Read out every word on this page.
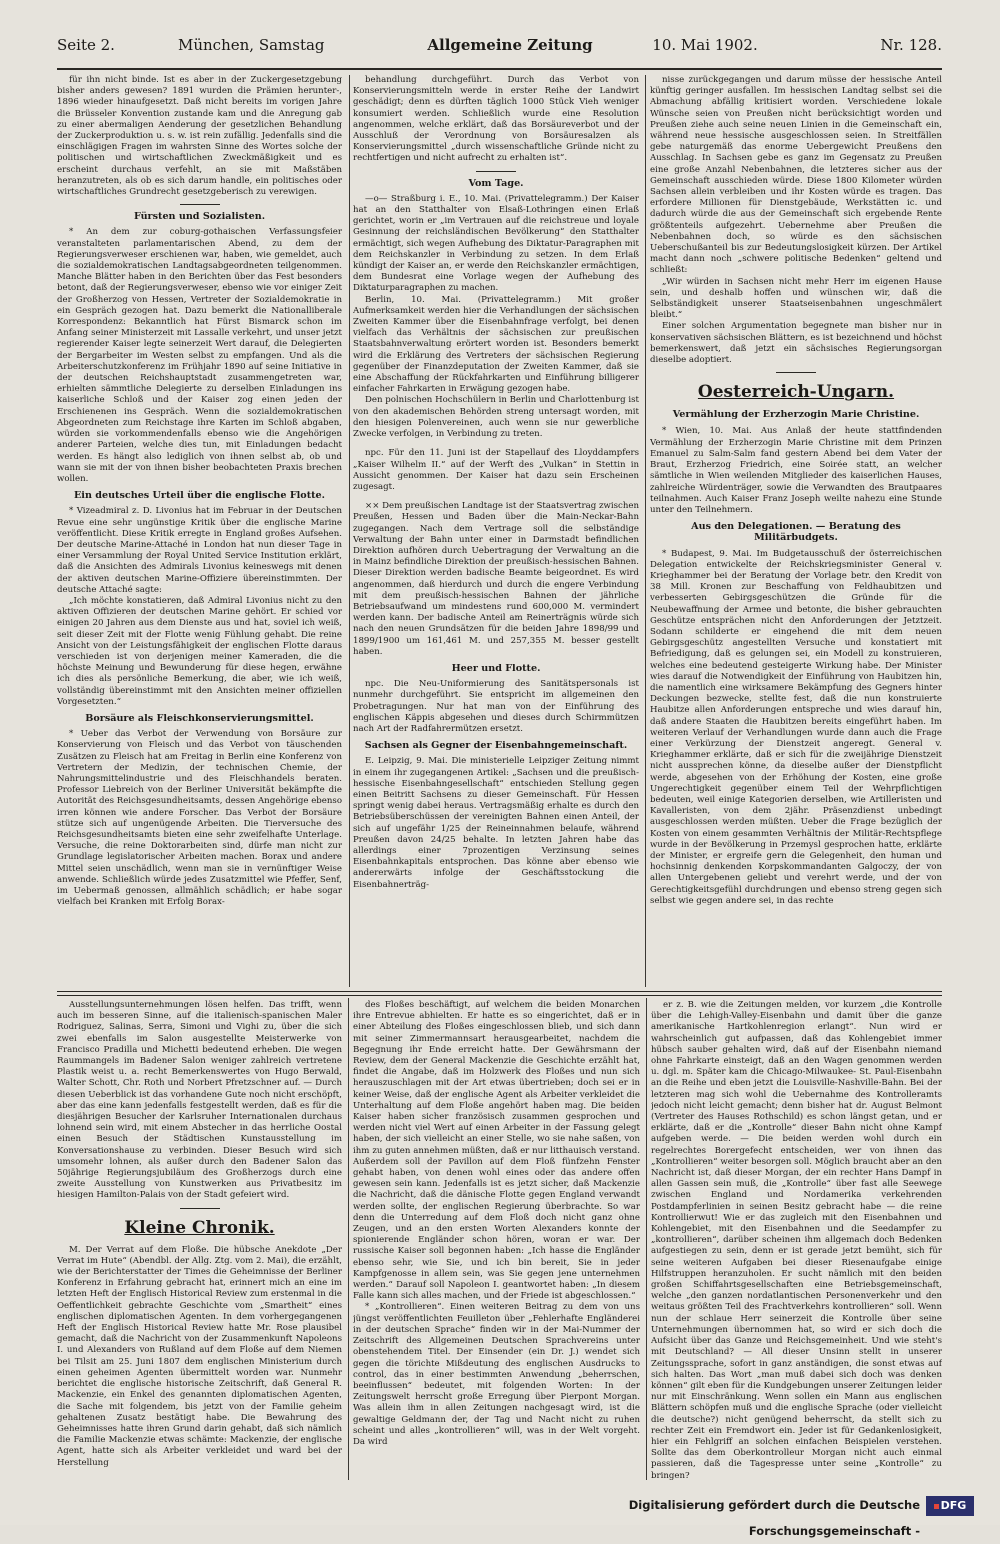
Seite 2.	München, Samstag	Allgemeine Zeitung	10. Mai 1902.	Nr. 128.

für ihn nicht binde. Ist es aber in der Zuckergesetzgebung bisher anders gewesen? 1891 wurden die Prämien herunter-, 1896 wieder hinaufgesetzt. Daß nicht bereits im vorigen Jahre die Brüsseler Konvention zustande kam und die Anregung gab zu einer abermaligen Aenderung der gesetzlichen Behandlung der Zuckerproduktion u. s. w. ist rein zufällig. Jedenfalls sind die einschlägigen Fragen im wahrsten Sinne des Wortes solche der politischen und wirtschaftlichen Zweckmäßigkeit und es erscheint durchaus verfehlt, an sie mit Maßstäben heranzutreten, als ob es sich darum handle, ein politisches oder wirtschaftliches Grundrecht gesetzgeberisch zu verewigen.

Fürsten und Sozialisten.

* An dem zur coburg-gothaischen Verfassungsfeier veranstalteten parlamentarischen Abend, zu dem der Regierungsverweser erschienen war, haben, wie gemeldet, auch die sozialdemokratischen Landtagsabgeordneten teilgenommen. Manche Blätter haben in den Berichten über das Fest besonders betont, daß der Regierungsverweser, ebenso wie vor einiger Zeit der Großherzog von Hessen, Vertreter der Sozialdemokratie in ein Gespräch gezogen hat. Dazu bemerkt die Nationalliberale Korrespondenz: Bekanntlich hat Fürst Bismarck schon im Anfang seiner Ministerzeit mit Lassalle verkehrt, und unser jetzt regierender Kaiser legte seinerzeit Wert darauf, die Delegierten der Bergarbeiter im Westen selbst zu empfangen. Und als die Arbeiterschutzkonferenz im Frühjahr 1890 auf seine Initiative in der deutschen Reichshauptstadt zusammengetreten war, erhielten sämmtliche Delegierte zu derselben Einladungen ins kaiserliche Schloß und der Kaiser zog einen jeden der Erschienenen ins Gespräch. Wenn die sozialdemokratischen Abgeordneten zum Reichstage ihre Karten im Schloß abgaben, würden sie vorkommendenfalls ebenso wie die Angehörigen anderer Parteien, welche dies tun, mit Einladungen bedacht werden. Es hängt also lediglich von ihnen selbst ab, ob und wann sie mit der von ihnen bisher beobachteten Praxis brechen wollen.

Ein deutsches Urteil über die englische Flotte.

* Vizeadmiral z. D. Livonius hat im Februar in der Deutschen Revue eine sehr ungünstige Kritik über die englische Marine veröffentlicht. Diese Kritik erregte in England großes Aufsehen. Der deutsche Marine-Attaché in London hat nun dieser Tage in einer Versammlung der Royal United Service Institution erklärt, daß die Ansichten des Admirals Livonius keineswegs mit denen der aktiven deutschen Marine-Offiziere übereinstimmten. Der deutsche Attaché sagte:

„Ich möchte konstatieren, daß Admiral Livonius nicht zu den aktiven Offizieren der deutschen Marine gehört. Er schied vor einigen 20 Jahren aus dem Dienste aus und hat, soviel ich weiß, seit dieser Zeit mit der Flotte wenig Fühlung gehabt. Die reine Ansicht von der Leistungsfähigkeit der englischen Flotte daraus verschieden ist von derjenigen meiner Kameraden, die die höchste Meinung und Bewunderung für diese hegen, erwähne ich dies als persönliche Bemerkung, die aber, wie ich weiß, vollständig übereinstimmt mit den Ansichten meiner offiziellen Vorgesetzten.“

Borsäure als Fleischkonservierungsmittel.

* Ueber das Verbot der Verwendung von Borsäure zur Konservierung von Fleisch und das Verbot von täuschenden Zusätzen zu Fleisch hat am Freitag in Berlin eine Konferenz von Vertretern der Medizin, der technischen Chemie, der Nahrungsmittelindustrie und des Fleischhandels beraten. Professor Liebreich von der Berliner Universität bekämpfte die Autorität des Reichsgesundheitsamts, dessen Angehörige ebenso irren können wie andere Forscher. Das Verbot der Borsäure stütze sich auf ungenügende Arbeiten. Die Tierversuche des Reichsgesundheitsamts bieten eine sehr zweifelhafte Unterlage. Versuche, die reine Doktorarbeiten sind, dürfe man nicht zur Grundlage legislatorischer Arbeiten machen. Borax und andere Mittel seien unschädlich, wenn man sie in vernünftiger Weise anwende. Schließlich würde jedes Zusatzmittel wie Pfeffer, Senf, im Uebermaß genossen, allmählich schädlich; er habe sogar vielfach bei Kranken mit Erfolg Borax-

behandlung durchgeführt. Durch das Verbot von Konservierungsmitteln werde in erster Reihe der Landwirt geschädigt; denn es dürften täglich 1000 Stück Vieh weniger konsumiert werden. Schließlich wurde eine Resolution angenommen, welche erklärt, daß das Borsäureverbot und der Ausschluß der Verordnung von Borsäuresalzen als Konservierungsmittel „durch wissenschaftliche Gründe nicht zu rechtfertigen und nicht aufrecht zu erhalten ist“.

Vom Tage.

—o— Straßburg i. E., 10. Mai. (Privattelegramm.) Der Kaiser hat an den Statthalter von Elsaß-Lothringen einen Erlaß gerichtet, worin er „im Vertrauen auf die reichstreue und loyale Gesinnung der reichsländischen Bevölkerung“ den Statthalter ermächtigt, sich wegen Aufhebung des Diktatur-Paragraphen mit dem Reichskanzler in Verbindung zu setzen. In dem Erlaß kündigt der Kaiser an, er werde den Reichskanzler ermächtigen, dem Bundesrat eine Vorlage wegen der Aufhebung des Diktaturparagraphen zu machen.

Berlin, 10. Mai. (Privattelegramm.) Mit großer Aufmerksamkeit werden hier die Verhandlungen der sächsischen Zweiten Kammer über die Eisenbahnfrage verfolgt, bei denen vielfach das Verhältnis der sächsischen zur preußischen Staatsbahnverwaltung erörtert worden ist. Besonders bemerkt wird die Erklärung des Vertreters der sächsischen Regierung gegenüber der Finanzdeputation der Zweiten Kammer, daß sie eine Abschaffung der Rückfahrkarten und Einführung billigerer einfacher Fahrkarten in Erwägung gezogen habe.

Den polnischen Hochschülern in Berlin und Charlottenburg ist von den akademischen Behörden streng untersagt worden, mit den hiesigen Polenvereinen, auch wenn sie nur gewerbliche Zwecke verfolgen, in Verbindung zu treten.

npc. Für den 11. Juni ist der Stapellauf des Lloyddampfers „Kaiser Wilhelm II.“ auf der Werft des „Vulkan“ in Stettin in Aussicht genommen. Der Kaiser hat dazu sein Erscheinen zugesagt.

×× Dem preußischen Landtage ist der Staatsvertrag zwischen Preußen, Hessen und Baden über die Main-Neckar-Bahn zugegangen. Nach dem Vertrage soll die selbständige Verwaltung der Bahn unter einer in Darmstadt befindlichen Direktion aufhören durch Uebertragung der Verwaltung an die in Mainz befindliche Direktion der preußisch-hessischen Bahnen. Dieser Direktion werden badische Beamte beigeordnet. Es wird angenommen, daß hierdurch und durch die engere Verbindung mit dem preußisch-hessischen Bahnen der jährliche Betriebsaufwand um mindestens rund 600,000 M. vermindert werden kann. Der badische Anteil am Reinerträgnis würde sich nach den neuen Grundsätzen für die beiden Jahre 1898/99 und 1899/1900 um 161,461 M. und 257,355 M. besser gestellt haben.

Heer und Flotte.

npc. Die Neu-Uniformierung des Sanitätspersonals ist nunmehr durchgeführt. Sie entspricht im allgemeinen den Probetragungen. Nur hat man von der Einführung des englischen Käppis abgesehen und dieses durch Schirmmützen nach Art der Radfahrermützen ersetzt.

Sachsen als Gegner der Eisenbahngemeinschaft.

E. Leipzig, 9. Mai. Die ministerielle Leipziger Zeitung nimmt in einem ihr zugegangenen Artikel: „Sachsen und die preußisch-hessische Eisenbahngesellschaft“ entschieden Stellung gegen einen Beitritt Sachsens zu dieser Gemeinschaft. Für Hessen springt wenig dabei heraus. Vertragsmäßig erhalte es durch den Betriebsüberschüssen der vereinigten Bahnen einen Anteil, der sich auf ungefähr 1/25 der Reineinnahmen belaufe, während Preußen davon 24/25 behalte. In letzten Jahren habe das allerdings einer 7prozentigen Verzinsung seines Eisenbahnkapitals entsprochen. Das könne aber ebenso wie andererwärts infolge der Geschäftsstockung die Eisenbahnerträg-

nisse zurückgegangen und darum müsse der hessische Anteil künftig geringer ausfallen. Im hessischen Landtag selbst sei die Abmachung abfällig kritisiert worden. Verschiedene lokale Wünsche seien von Preußen nicht berücksichtigt worden und Preußen ziehe auch seine neuen Linien in die Gemeinschaft ein, während neue hessische ausgeschlossen seien. In Streitfällen gebe naturgemäß das enorme Uebergewicht Preußens den Ausschlag. In Sachsen gebe es ganz im Gegensatz zu Preußen eine große Anzahl Nebenbahnen, die letzteres sicher aus der Gemeinschaft ausschieden würde. Diese 1800 Kilometer würden Sachsen allein verbleiben und ihr Kosten würde es tragen. Das erfordere Millionen für Dienstgebäude, Werkstätten ic. und dadurch würde die aus der Gemeinschaft sich ergebende Rente größtenteils aufgezehrt. Uebernehme aber Preußen die Nebenbahnen doch, so würde es den sächsischen Ueberschußanteil bis zur Bedeutungslosigkeit kürzen. Der Artikel macht dann noch „schwere politische Bedenken“ geltend und schließt:

„Wir würden in Sachsen nicht mehr Herr im eigenen Hause sein, und deshalb hoffen und wünschen wir, daß die Selbständigkeit unserer Staatseisenbahnen ungeschmälert bleibt.“

Einer solchen Argumentation begegnete man bisher nur in konservativen sächsischen Blättern, es ist bezeichnend und höchst bemerkenswert, daß jetzt ein sächsisches Regierungsorgan dieselbe adoptiert.

Oesterreich-Ungarn.
Vermählung der Erzherzogin Marie Christine.

* Wien, 10. Mai. Aus Anlaß der heute stattfindenden Vermählung der Erzherzogin Marie Christine mit dem Prinzen Emanuel zu Salm-Salm fand gestern Abend bei dem Vater der Braut, Erzherzog Friedrich, eine Soirée statt, an welcher sämtliche in Wien weilenden Mitglieder des kaiserlichen Hauses, zahlreiche Würdenträger, sowie die Verwandten des Brautpaares teilnahmen. Auch Kaiser Franz Joseph weilte nahezu eine Stunde unter den Teilnehmern.

Aus den Delegationen. — Beratung des Militärbudgets.

* Budapest, 9. Mai. Im Budgetausschuß der österreichischen Delegation entwickelte der Reichskriegsminister General v. Krieghammer bei der Beratung der Vorlage betr. den Kredit von 38 Mill. Kronen zur Beschaffung von Feldhaubitzen und verbesserten Gebirgsgeschützen die Gründe für die Neubewaffnung der Armee und betonte, die bisher gebrauchten Geschütze entsprächen nicht den Anforderungen der Jetztzeit. Sodann schilderte er eingehend die mit dem neuen Gebirgsgeschütz angestellten Versuche und konstatiert mit Befriedigung, daß es gelungen sei, ein Modell zu konstruieren, welches eine bedeutend gesteigerte Wirkung habe. Der Minister wies darauf die Notwendigkeit der Einführung von Haubitzen hin, die namentlich eine wirksamere Bekämpfung des Gegners hinter Deckungen bezwecke, stellte fest, daß die nun konstruierte Haubitze allen Anforderungen entspreche und wies darauf hin, daß andere Staaten die Haubitzen bereits eingeführt haben. Im weiteren Verlauf der Verhandlungen wurde dann auch die Frage einer Verkürzung der Dienstzeit angeregt. General v. Krieghammer erklärte, daß er sich für die zweijährige Dienstzeit nicht aussprechen könne, da dieselbe außer der Dienstpflicht werde, abgesehen von der Erhöhung der Kosten, eine große Ungerechtigkeit gegenüber einem Teil der Wehrpflichtigen bedeuten, weil einige Kategorien derselben, wie Artilleristen und Kavalleristen, von dem 2jähr. Präsenzdienst unbedingt ausgeschlossen werden müßten. Ueber die Frage bezüglich der Kosten von einem gesammten Verhältnis der Militär-Rechtspflege wurde in der Bevölkerung in Przemysl gesprochen hatte, erklärte der Minister, er ergreife gern die Gelegenheit, den human und hochsinnig denkenden Korpskommandanten Galgoczy, der von allen Untergebenen geliebt und verehrt werde, und der von Gerechtigkeitsgefühl durchdrungen und ebenso streng gegen sich selbst wie gegen andere sei, in das rechte

Ausstellungsunternehmungen lösen helfen. Das trifft, wenn auch im besseren Sinne, auf die italienisch-spanischen Maler Rodriguez, Salinas, Serra, Simoni und Vighi zu, über die sich zwei ebenfalls im Salon ausgestellte Meisterwerke von Francisco Pradilla und Michetti bedeutend erheben. Die wegen Raummangels im Badener Salon weniger zahlreich vertretene Plastik weist u. a. recht Bemerkenswertes von Hugo Berwald, Walter Schott, Chr. Roth und Norbert Pfretzschner auf. — Durch diesen Ueberblick ist das vorhandene Gute noch nicht erschöpft, aber das eine kann jedenfalls festgestellt werden, daß es für die diesjährigen Besucher der Karlsruher Internationalen durchaus lohnend sein wird, mit einem Abstecher in das herrliche Oostal einen Besuch der Städtischen Kunstausstellung im Konversationshause zu verbinden. Dieser Besuch wird sich umsomehr lohnen, als außer durch den Badener Salon das 50jährige Regierungsjubiläum des Großherzogs durch eine zweite Ausstellung von Kunstwerken aus Privatbesitz im hiesigen Hamilton-Palais von der Stadt gefeiert wird.

Kleine Chronik.

M. Der Verrat auf dem Floße. Die hübsche Anekdote „Der Verrat im Hute“ (Abendbl. der Allg. Ztg. vom 2. Mai), die erzählt, wie der Berichterstatter der Times die Geheimnisse der Berliner Konferenz in Erfahrung gebracht hat, erinnert mich an eine im letzten Heft der Englisch Historical Review zum erstenmal in die Oeffentlichkeit gebrachte Geschichte vom „Smartheit“ eines englischen diplomatischen Agenten. In dem vorhergegangenen Heft der Englisch Historical Review hatte Mr. Rose plausibel gemacht, daß die Nachricht von der Zusammenkunft Napoleons I. und Alexanders von Rußland auf dem Floße auf dem Niemen bei Tilsit am 25. Juni 1807 dem englischen Ministerium durch einen geheimen Agenten übermittelt worden war. Nunmehr berichtet die englische historische Zeitschrift, daß General R. Mackenzie, ein Enkel des genannten diplomatischen Agenten, die Sache mit folgendem, bis jetzt von der Familie geheim gehaltenen Zusatz bestätigt habe. Die Bewahrung des Geheimnisses hatte ihren Grund darin gehabt, daß sich nämlich die Familie Mackenzie etwas schämte: Mackenzie, der englische Agent, hatte sich als Arbeiter verkleidet und ward bei der Herstellung

des Floßes beschäftigt, auf welchem die beiden Monarchen ihre Entrevue abhielten. Er hatte es so eingerichtet, daß er in einer Abteilung des Floßes eingeschlossen blieb, und sich dann mit seiner Zimmermannsart herausgearbeitet, nachdem die Begegnung ihr Ende erreicht hatte. Der Gewährsmann der Review, dem der General Mackenzie die Geschichte erzählt hat, findet die Angabe, daß im Holzwerk des Floßes und nun sich herauszuschlagen mit der Art etwas übertrieben; doch sei er in keiner Weise, daß der englische Agent als Arbeiter verkleidet die Unterhaltung auf dem Floße angehört haben mag. Die beiden Kaiser haben sicher französisch zusammen gesprochen und werden nicht viel Wert auf einen Arbeiter in der Fassung gelegt haben, der sich vielleicht an einer Stelle, wo sie nahe saßen, von ihm zu guten annehmen müßten, daß er nur litthauisch verstand. Außerdem soll der Pavillon auf dem Floß fünfzehn Fenster gehabt haben, von denen wohl eines oder das andere offen gewesen sein kann. Jedenfalls ist es jetzt sicher, daß Mackenzie die Nachricht, daß die dänische Flotte gegen England verwandt werden sollte, der englischen Regierung überbrachte. So war denn die Unterredung auf dem Floß doch nicht ganz ohne Zeugen, und an den ersten Worten Alexanders konnte der spionierende Engländer schon hören, woran er war. Der russische Kaiser soll begonnen haben: „Ich hasse die Engländer ebenso sehr, wie Sie, und ich bin bereit, Sie in jeder Kampfgenosse in allem sein, was Sie gegen jene unternehmen werden.“ Darauf soll Napoleon I. geantwortet haben: „In diesem Falle kann sich alles machen, und der Friede ist abgeschlossen.“

* „Kontrollieren“. Einen weiteren Beitrag zu dem von uns jüngst veröffentlichten Feuilleton über „Fehlerhafte Engländerei in der deutschen Sprache“ finden wir in der Mai-Nummer der Zeitschrift des Allgemeinen Deutschen Sprachvereins unter obenstehendem Titel. Der Einsender (ein Dr. J.) wendet sich gegen die törichte Mißdeutung des englischen Ausdrucks to control, das in einer bestimmten Anwendung „beherrschen, beeinflussen“ bedeutet, mit folgenden Worten: In der Zeitungswelt herrscht große Erregung über Pierpont Morgan. Was allein ihm in allen Zeitungen nachgesagt wird, ist die gewaltige Geldmann der, der Tag und Nacht nicht zu ruhen scheint und alles „kontrollieren“ will, was in der Welt vorgeht. Da wird

er z. B. wie die Zeitungen melden, vor kurzem „die Kontrolle über die Lehigh-Valley-Eisenbahn und damit über die ganze amerikanische Hartkohlenregion erlangt“. Nun wird er wahrscheinlich gut aufpassen, daß das Kohlengebiet immer hübsch sauber gehalten wird, daß auf der Eisenbahn niemand ohne Fahrkarte einsteigt, daß an den Wagen genommen werden u. dgl. m. Später kam die Chicago-Milwaukee- St. Paul-Eisenbahn an die Reihe und eben jetzt die Louisville-Nashville-Bahn. Bei der letzteren mag sich wohl die Uebernahme des Kontrolleramts jedoch nicht leicht gemacht; denn bisher hat dr. August Belmont (Vertreter des Hauses Rothschild) es schon längst getan, und er erklärte, daß er die „Kontrolle“ dieser Bahn nicht ohne Kampf aufgeben werde. — Die beiden werden wohl durch ein regelrechtes Borergefecht entscheiden, wer von ihnen das „Kontrollieren“ weiter besorgen soll. Möglich braucht aber an den Nachricht ist, daß dieser Morgan, der ein rechter Hans Dampf in allen Gassen sein muß, die „Kontrolle“ über fast alle Seewege zwischen England und Nordamerika verkehrenden Postdampferlinien in seinen Besitz gebracht habe — die reine Kontrollierwut! Wie er das zugleich mit den Eisenbahnen und Kohlengebiet, mit den Eisenbahnen und die Seedampfer zu „kontrollieren“, darüber scheinen ihm allgemach doch Bedenken aufgestiegen zu sein, denn er ist gerade jetzt bemüht, sich für seine weiteren Aufgaben bei dieser Riesenaufgabe einige Hilfstruppen heranzuholen. Er sucht nämlich mit den beiden großen Schiffahrtsgesellschaften eine Betriebsgemeinschaft, welche „den ganzen nordatlantischen Personenverkehr und den weitaus größten Teil des Frachtverkehrs kontrollieren“ soll. Wenn nun der schlaue Herr seinerzeit die Kontrolle über seine Unternehmungen übernommen hat, so wird er sich doch die Aufsicht über das Ganze und Reichsgemeinheit. Und wie steht's mit Deutschland? — All dieser Unsinn stellt in unserer Zeitungssprache, sofort in ganz anständigen, die sonst etwas auf sich halten. Das Wort „man muß dabei sich doch was denken können“ gilt eben für die Kundgebungen unserer Zeitungen leider nur mit Einschränkung. Wenn sollen ein Mann aus englischen Blättern schöpfen muß und die englische Sprache (oder vielleicht die deutsche?) nicht genügend beherrscht, da stellt sich zu rechter Zeit ein Fremdwort ein. Jeder ist für Gedankenlosigkeit, hier ein Fehlgriff an solchen einfachen Beispielen verstehen. Sollte das dem Oberkontrolleur Morgan nicht auch einmal passieren, daß die Tagespresse unter seine „Kontrolle“ zu bringen?

Digitalisierung gefördert durch die Deutsche Forschungsgemeinschaft -
DFG
